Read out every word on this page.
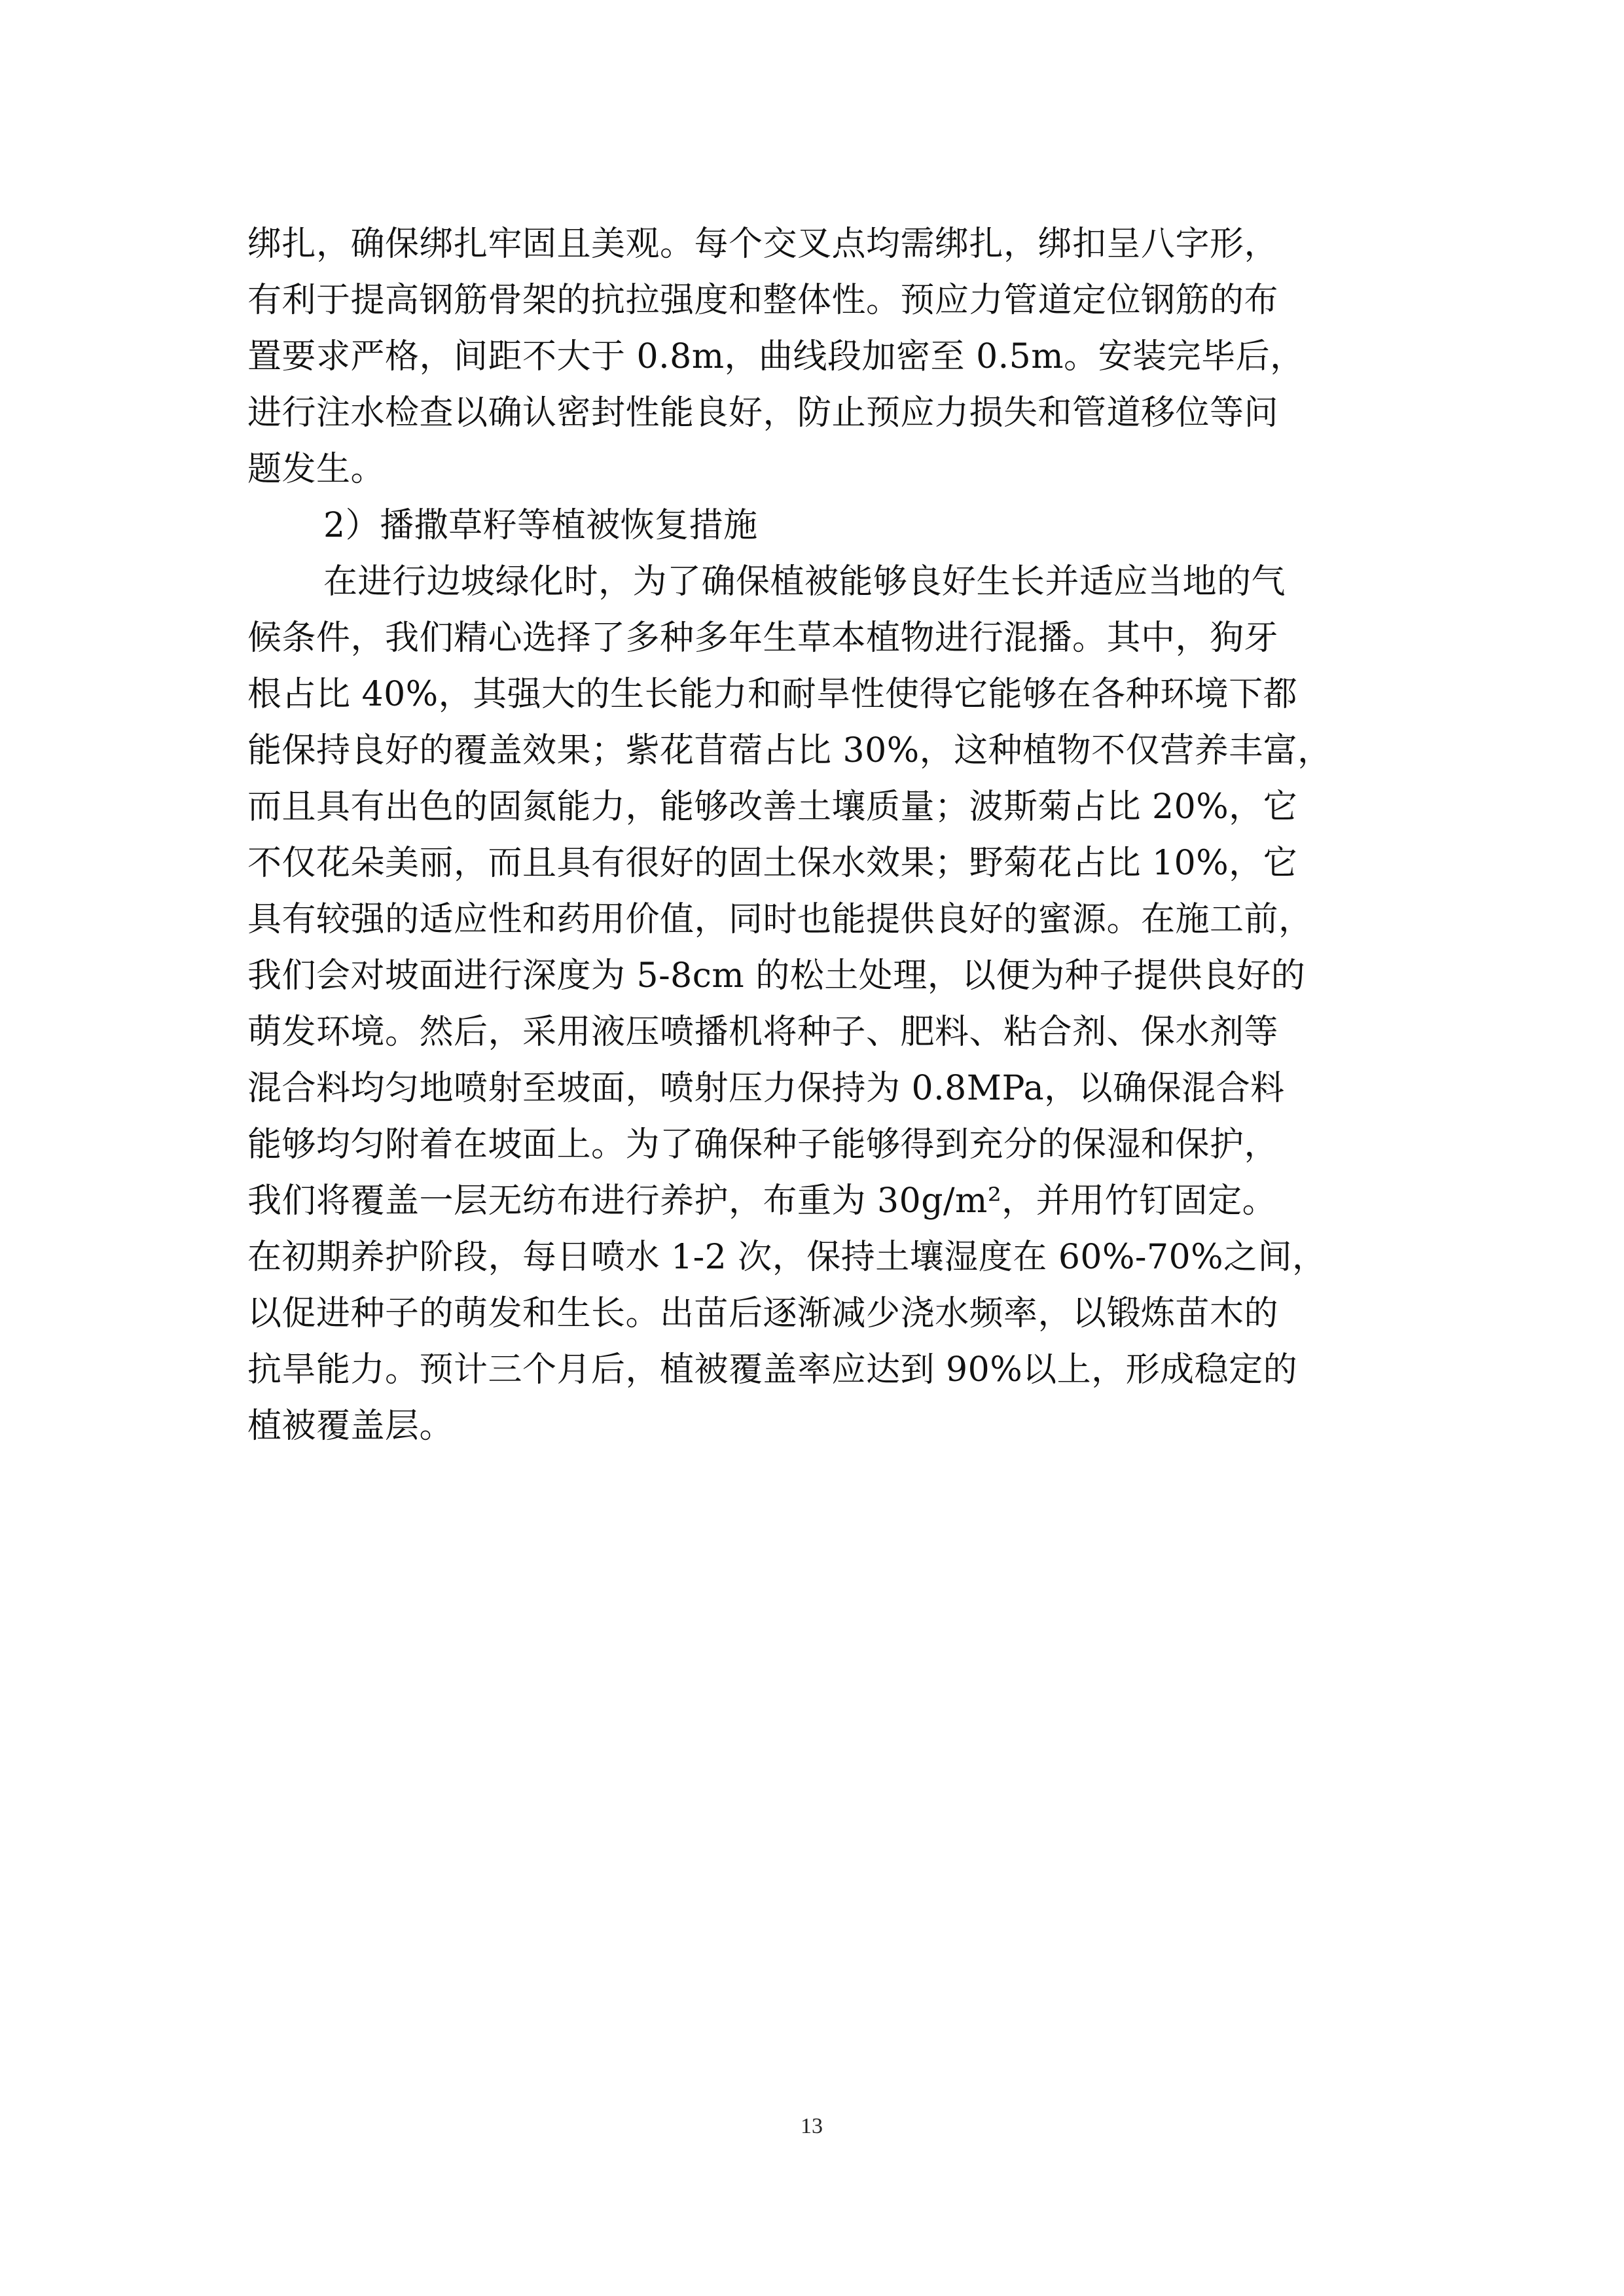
绑扎，确保绑扎牢固且美观。每个交叉点均需绑扎，绑扣呈八字形，
有利于提高钢筋骨架的抗拉强度和整体性。预应力管道定位钢筋的布
置要求严格，间距不大于 0.8m，曲线段加密至 0.5m。安装完毕后，
进行注水检查以确认密封性能良好，防止预应力损失和管道移位等问
题发生。
2）播撒草籽等植被恢复措施
在进行边坡绿化时，为了确保植被能够良好生长并适应当地的气
候条件，我们精心选择了多种多年生草本植物进行混播。其中，狗牙
根占比 40%，其强大的生长能力和耐旱性使得它能够在各种环境下都
能保持良好的覆盖效果；紫花苜蓿占比 30%，这种植物不仅营养丰富，
而且具有出色的固氮能力，能够改善土壤质量；波斯菊占比 20%，它
不仅花朵美丽，而且具有很好的固土保水效果；野菊花占比 10%，它
具有较强的适应性和药用价值，同时也能提供良好的蜜源。在施工前，
我们会对坡面进行深度为 5-8cm 的松土处理，以便为种子提供良好的
萌发环境。然后，采用液压喷播机将种子、肥料、粘合剂、保水剂等
混合料均匀地喷射至坡面，喷射压力保持为 0.8MPa，以确保混合料
能够均匀附着在坡面上。为了确保种子能够得到充分的保湿和保护，
我们将覆盖一层无纺布进行养护，布重为 30g/m²，并用竹钉固定。
在初期养护阶段，每日喷水 1-2 次，保持土壤湿度在 60%-70%之间，
以促进种子的萌发和生长。出苗后逐渐减少浇水频率，以锻炼苗木的
抗旱能力。预计三个月后，植被覆盖率应达到 90%以上，形成稳定的
植被覆盖层。
13
